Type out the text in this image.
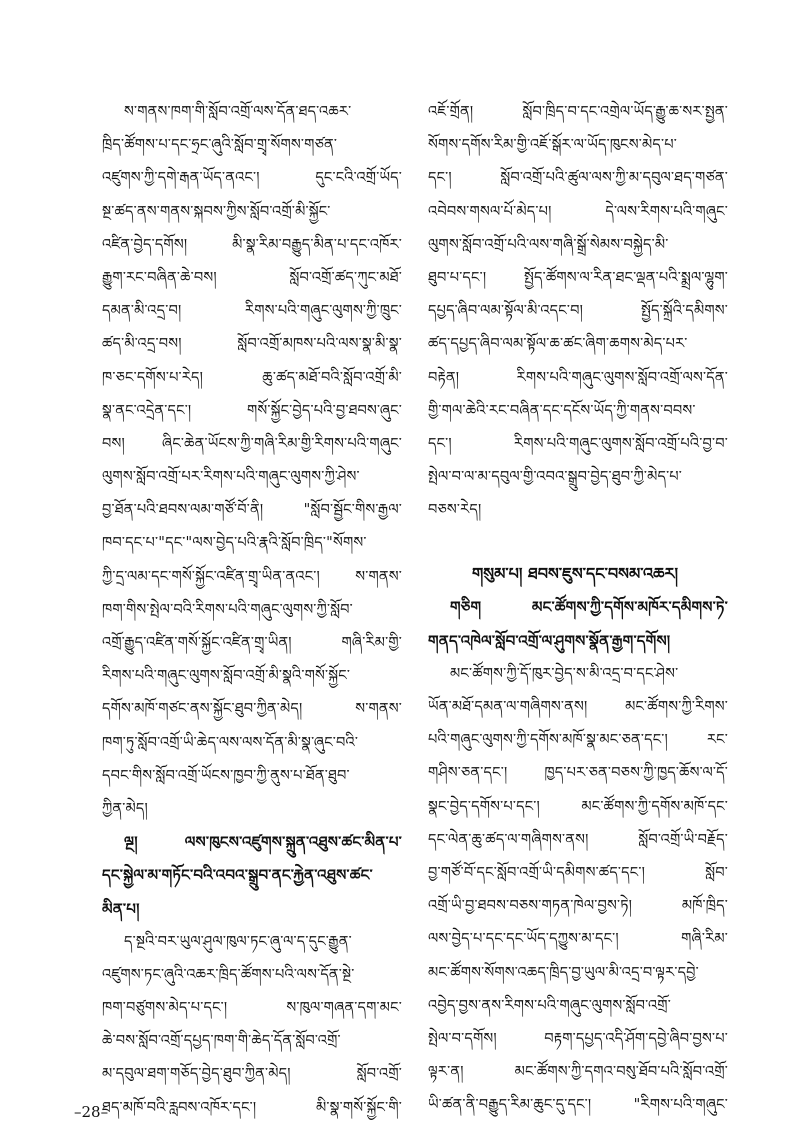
ས་གནས་ཁག་གི་སློབ་འགྲོ་ལས་དོན་ཐད་འཆར་
ཁྲིད་ཚོགས་པ་དང་ཧྲང་ཞུའི་སློབ་གྲྭ་སོགས་གཙན་
འཛུགས་ཀྱི་དགེ་རྒན་ཡོད་ནའང་། དུང་ངའི་འགྲོ་ཡོད་
སྔ་ཚད་ནས་གནས་སྐབས་ཀྱིས་སློབ་འགྲོ་མི་སྐྱོང་
འཛིན་བྱེད་དགོས། མི་སྣ་རིམ་བརྒྱུད་མིན་པ་དང་འཁོར་
རྒྱུག་རང་བཞིན་ཆེ་བས། སློབ་འགྲོ་ཚད་ཀུང་མཐོ་
དམན་མི་འདྲ་བ། རིགས་པའི་གཞུང་ལུགས་ཀྱི་ཁྲུང་
ཚད་མི་འདྲ་བས། སློབ་འགྲོ་མཁས་པའི་ལས་སྣ་མི་སྣ་
ཁ་ཅང་དགོས་པ་རེད། ཆུ་ཚད་མཐོ་བའི་སློབ་འགྲོ་མི་
སྣ་ནང་འདྲེན་དང་། གསོ་སྐྱོང་བྱེད་པའི་བྱ་ཐབས་ཞུང་
བས། ཞིང་ཆེན་ཡོངས་ཀྱི་གཞི་རིམ་གྱི་རིགས་པའི་གཞུང་
ལུགས་སློབ་འགྲོ་པར་རིགས་པའི་གཞུང་ལུགས་ཀྱི་ཤེས་
བྱ་ཐོན་པའི་ཐབས་ལམ་གཙོ་བོ་ནི། "སློབ་སྦྱོང་གིས་རྒྱལ་
ཁབ་དང་པ་"དང་"ལས་བྱེད་པའི་རྣའི་སློབ་ཁྲིད་"སོགས་
ཀྱི་དྲ་ལམ་དང་གསོ་སྐྱོང་འཛིན་གྲྭ་ཡིན་ནའང་། ས་གནས་
ཁག་གིས་སྤེལ་བའི་རིགས་པའི་གཞུང་ལུགས་ཀྱི་སློབ་
འགྲོ་རྒྱུད་འཛིན་གསོ་སྐྱོང་འཛིན་གྲྭ་ཡིན། གཞི་རིམ་གྱི་
རིགས་པའི་གཞུང་ལུགས་སློབ་འགྲོ་མི་སྣའི་གསོ་སྐྱོང་
དགོས་མཁོ་གཙང་ནས་སྐྱོང་ཐུབ་ཀྱིན་མེད། ས་གནས་
ཁག་ཏུ་སློབ་འགྲོ་ཡི་ཆེད་ལས་ལས་དོན་མི་སྣ་ཞུང་བའི་
དབང་གིས་སློབ་འགྲོ་ཡོངས་ཁྱབ་ཀྱི་ནུས་པ་ཐོན་ཐུབ་
ཀྱིན་མེད།
ལྔ། ལས་ཁུངས་འཛུགས་སྐྲུན་འཐུས་ཚང་མིན་པ་
དང་སྐྱེལ་མ་གཏོང་བའི་འབའ་སྒྲུབ་ནང་རྐྱེན་འཐུས་ཚང་
མིན་པ།
ད་སྔའི་བར་ཡུལ་ཤུལ་ཁུལ་ཏང་ཞུ་ལ་ད་དུང་རྒྱུན་
འཛུགས་ཏང་ཞུའི་འཆར་ཁྲིད་ཚོགས་པའི་ལས་དོན་སྔེ་
ཁག་བཙུགས་མེད་པ་དང་། ས་ཁུལ་གཞན་དག་མང་
ཆེ་བས་སློབ་འགྲོ་དཔྱད་ཁག་གི་ཆེད་དོན་སློབ་འགྲོ་
མ་དབུལ་ཐག་གཅོད་བྱེད་ཐུབ་ཀྱིན་མེད། སློབ་འགྲོ་
ཐད་མཁོ་བའི་རླབས་འཁོར་དང་། མི་སྣ་གསོ་སྐྱོང་གི་
འཇོ་གྲོན། སློབ་ཁྲིད་བ་དང་འགྲེལ་ཡོད་རྒྱུ་ཆ་སར་སྤྱན་
སོགས་དགོས་རིམ་གྱི་འཇོ་སྒོར་ལ་ཡོད་ཁུངས་མེད་པ་
དང་། སློབ་འགྲོ་པའི་ཚུལ་ལས་ཀྱི་མ་དབུལ་ཐད་གཙན་
འབེབས་གསལ་པོ་མེད་པ། དེ་ལས་རིགས་པའི་གཞུང་
ལུགས་སློབ་འགྲོ་པའི་ལས་གཞི་སྒྲོ་སེམས་བསྐྱེད་མི་
ཐུབ་པ་དང་། སྤྱོད་ཚོགས་ལ་རིན་ཐང་ལྡན་པའི་སྨྲལ་ལྷུག་
དཔྱད་ཞིབ་ལམ་སྟོལ་མི་འདང་བ། སྤྱོད་སྐྲོའི་དམིགས་
ཚད་དཔྱད་ཞིབ་ལམ་སྟོལ་ཆ་ཚང་ཞིག་ཆགས་མེད་པར་
བརྟེན། རིགས་པའི་གཞུང་ལུགས་སློབ་འགྲོ་ལས་དོན་
གྱི་གལ་ཆེའི་རང་བཞིན་དང་དངོས་ཡོད་ཀྱི་གནས་བབས་
དང་། རིགས་པའི་གཞུང་ལུགས་སློབ་འགྲོ་པའི་བྱ་བ་
སྤེལ་བ་ལ་མ་དབུལ་གྱི་འབའ་སྒྲུབ་བྱེད་ཐུབ་ཀྱི་མེད་པ་
བཅས་རེད།
གསུམ་པ། ཐབས་ཇུས་དང་བསམ་འཆར།
གཅིག མང་ཚོགས་ཀྱི་དགོས་མཁོར་དམིགས་ཏེ་
གནད་འཁེལ་སློབ་འགྲོ་ལ་ཤུགས་སྣོན་རྒྱག་དགོས།
མང་ཚོགས་ཀྱི་དོ་ཁུར་བྱེད་ས་མི་འདྲ་བ་དང་ཤེས་
ཡོན་མཐོ་དམན་ལ་གཞིགས་ནས། མང་ཚོགས་ཀྱི་རིགས་
པའི་གཞུང་ལུགས་ཀྱི་དགོས་མཁོ་སྣ་མང་ཅན་དང་། རང་
གཤིས་ཅན་དང་། ཁྱད་པར་ཅན་བཅས་ཀྱི་ཁྱད་ཆོས་ལ་དོ་
སྣང་བྱེད་དགོས་པ་དང་། མང་ཚོགས་ཀྱི་དགོས་མཁོ་དང་
དང་ལེན་ཆུ་ཚད་ལ་གཞིགས་ནས། སློབ་འགྲོ་ཡི་བརྗོད་
བྱ་གཙོ་བོ་དང་སློབ་འགྲོ་ཡི་དམིགས་ཚད་དང་། སློབ་
འགྲོ་ཡི་བྱ་ཐབས་བཅས་གཏན་ཁེལ་བྱས་ཏེ། མཁོ་ཁྲིད་
ལས་བྱེད་པ་དང་དང་ཡོད་དཀྱུས་མ་དང་། གཞི་རིམ་
མང་ཚོགས་སོགས་འཆད་ཁྲིད་བྱ་ཡུལ་མི་འདྲ་བ་ལྟར་དབྱེ་
འབྱེད་བྱས་ནས་རིགས་པའི་གཞུང་ལུགས་སློབ་འགྲོ་
སྤེལ་བ་དགོས། བརྟག་དཔྱད་འདི་ཤོག་དབྱེ་ཞིབ་བྱས་པ་
ལྟར་ན། མང་ཚོགས་ཀྱི་དགའ་བསུ་ཐོབ་པའི་སློབ་འགྲོ་
ཡི་ཚན་ནི་བརྒྱུད་རིམ་ཆུང་དུ་དང་། "རིགས་པའི་གཞུང་
–28–
